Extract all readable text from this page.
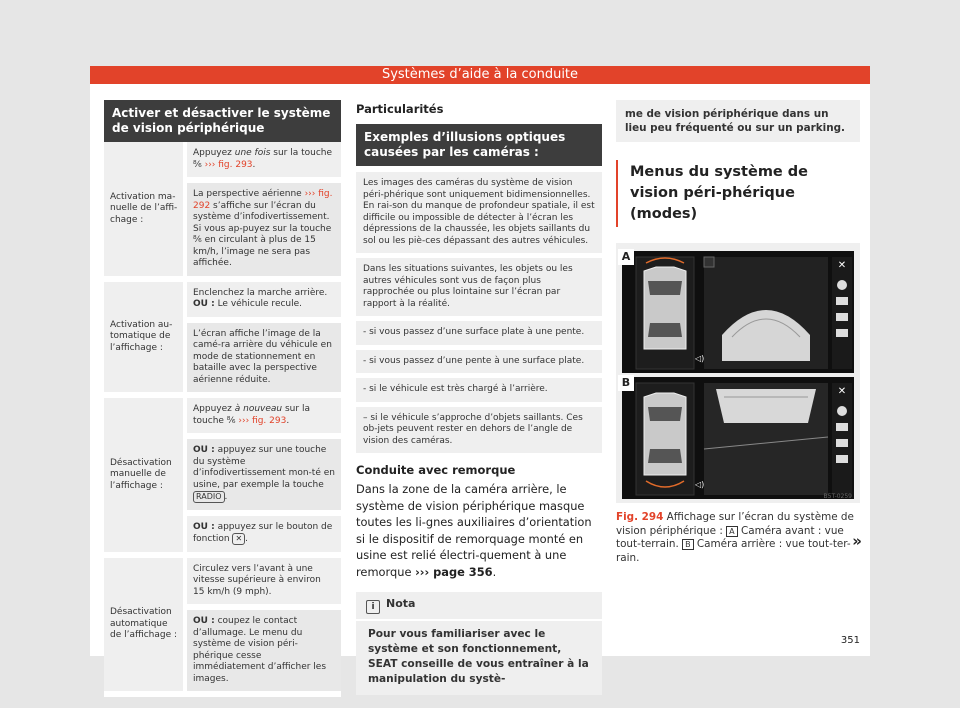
Systèmes d’aide à la conduite
Activer et désactiver le système de vision périphérique
Activation ma-nuelle de l’affi-chage :	Appuyez une fois sur la touche ⁸⁄₆ ››› fig. 293.
	La perspective aérienne ››› fig. 292 s’affiche sur l’écran du système d’infodivertissement. Si vous ap-puyez sur la touche ⁸⁄₆ en circulant à plus de 15 km/h, l’image ne sera pas affichée.
Activation au-tomatique de l’affichage :	Enclenchez la marche arrière.
OU : Le véhicule recule.
	L’écran affiche l’image de la camé-ra arrière du véhicule en mode de stationnement en bataille avec la perspective aérienne réduite.
Désactivation manuelle de l’affichage :	Appuyez à nouveau sur la touche ⁸⁄₆ ››› fig. 293.
	OU : appuyez sur une touche du système d’infodivertissement mon-té en usine, par exemple la touche RADIO .
	OU : appuyez sur le bouton de fonction ✕ .
Désactivation automatique de l’affichage :	Circulez vers l’avant à une vitesse supérieure à environ 15 km/h (9 mph).
	OU : coupez le contact d’allumage. Le menu du système de vision péri-phérique cesse immédiatement d’afficher les images.
Particularités
Exemples d’illusions optiques causées par les caméras :
Les images des caméras du système de vision péri-phérique sont uniquement bidimensionnelles. En rai-son du manque de profondeur spatiale, il est difficile ou impossible de détecter à l’écran les dépressions de la chaussée, les objets saillants du sol ou les piè-ces dépassant des autres véhicules.
Dans les situations suivantes, les objets ou les autres véhicules sont vus de façon plus rapprochée ou plus lointaine sur l’écran par rapport à la réalité.
- si vous passez d’une surface plate à une pente.
- si vous passez d’une pente à une surface plate.
- si le véhicule est très chargé à l’arrière.
– si le véhicule s’approche d’objets saillants. Ces ob-jets peuvent rester en dehors de l’angle de vision des caméras.
Conduite avec remorque
Dans la zone de la caméra arrière, le système de vision périphérique masque toutes les li-gnes auxiliaires d’orientation si le dispositif de remorquage monté en usine est relié électri-quement à une remorque ››› page 356.
i Nota
Pour vous familiariser avec le système et son fonctionnement, SEAT conseille de vous entraîner à la manipulation du systè-
me de vision périphérique dans un lieu peu fréquenté ou sur un parking.
Menus du système de vision péri-phérique (modes)
A
✕
◁)
B
✕
◁)
B5T-0259
Fig. 294 Affichage sur l’écran du système de vision périphérique : A Caméra avant : vue tout-terrain. B Caméra arrière : vue tout-ter-rain.
»
351
